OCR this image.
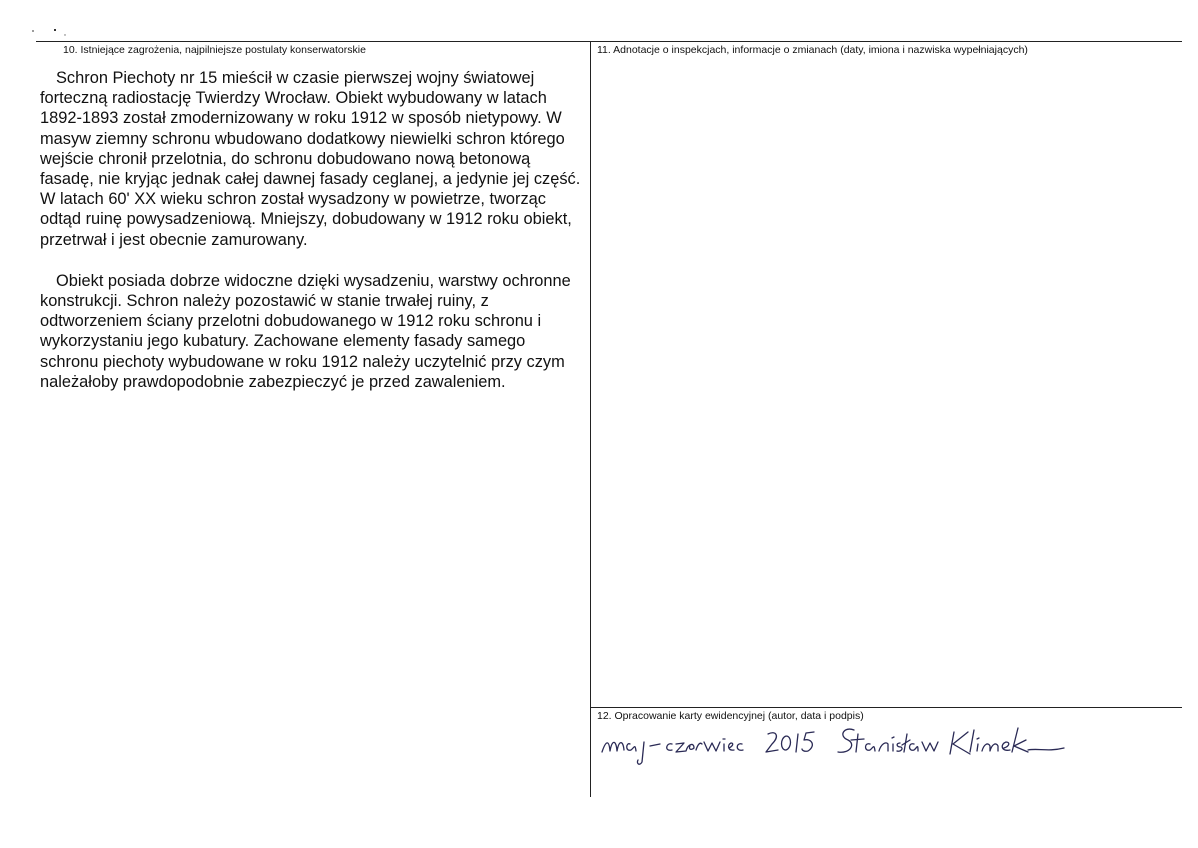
10. Istniejące zagrożenia, najpilniejsze postulaty konserwatorskie	11. Adnotacje o inspekcjach, informacje o zmianach (daty, imiona i nazwiska wypełniających)
12. Opracowanie karty ewidencyjnej (autor, data i podpis)

Schron Piechoty nr 15 mieścił w czasie pierwszej wojny światowej forteczną radiostację Twierdzy Wrocław. Obiekt wybudowany w latach 1892-1893 został zmodernizowany w roku 1912 w sposób nietypowy. W masyw ziemny schronu wbudowano dodatkowy niewielki schron którego wejście chronił przelotnia, do schronu dobudowano nową betonową fasadę, nie kryjąc jednak całej dawnej fasady ceglanej, a jedynie jej część. W latach 60' XX wieku schron został wysadzony w powietrze, tworząc odtąd ruinę powysadzeniową. Mniejszy, dobudowany w 1912 roku obiekt, przetrwał i jest obecnie zamurowany.

Obiekt posiada dobrze widoczne dzięki wysadzeniu, warstwy ochronne konstrukcji. Schron należy pozostawić w stanie trwałej ruiny, z odtworzeniem ściany przelotni dobudowanego w 1912 roku schronu i wykorzystaniu jego kubatury. Zachowane elementy fasady samego schronu piechoty wybudowane w roku 1912 należy uczytelnić przy czym należałoby prawdopodobnie zabezpieczyć je przed zawaleniem.
